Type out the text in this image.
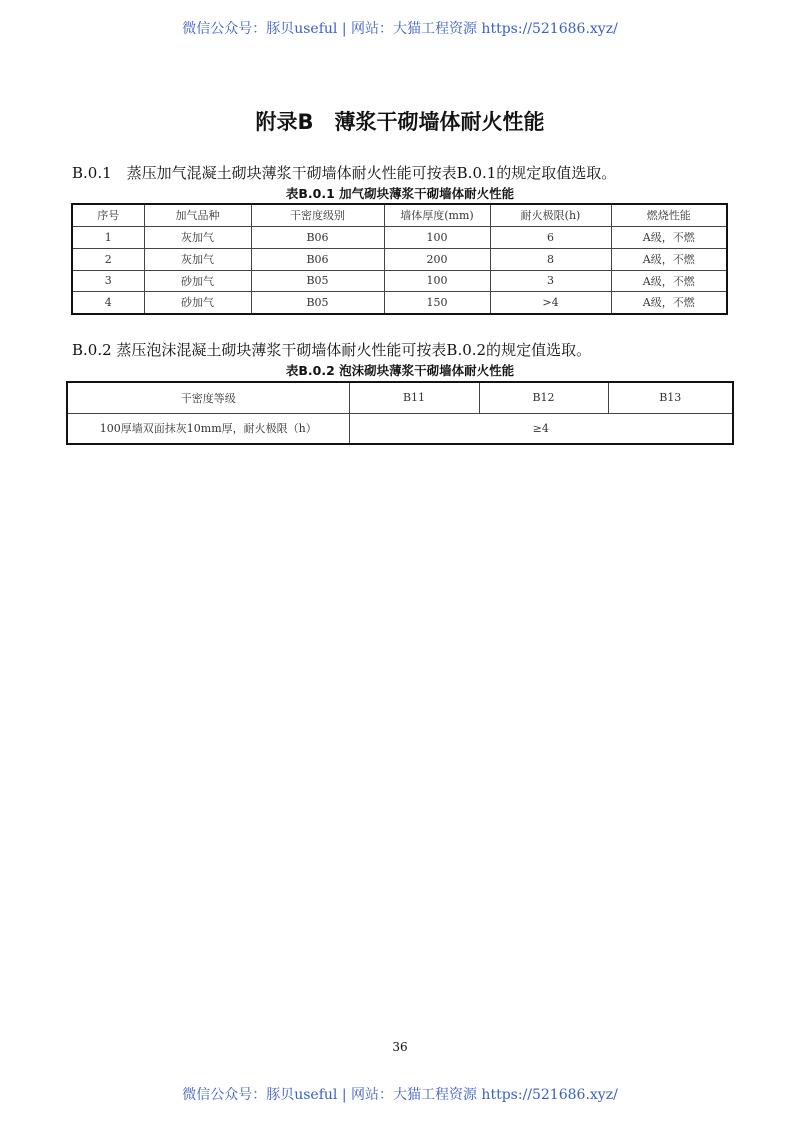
微信公众号：豚贝useful | 网站：大猫工程资源 https://521686.xyz/
附录B　薄浆干砌墙体耐火性能
B.0.1　蒸压加气混凝土砌块薄浆干砌墙体耐火性能可按表B.0.1的规定取值选取。
表B.0.1 加气砌块薄浆干砌墙体耐火性能
序号	加气品种	干密度级别	墙体厚度(mm)	耐火极限(h)	燃烧性能
1	灰加气	B06	100	6	A级，不燃
2	灰加气	B06	200	8	A级，不燃
3	砂加气	B05	100	3	A级，不燃
4	砂加气	B05	150	>4	A级，不燃
B.0.2 蒸压泡沫混凝土砌块薄浆干砌墙体耐火性能可按表B.0.2的规定值选取。
表B.0.2 泡沫砌块薄浆干砌墙体耐火性能
干密度等级	B11	B12	B13
100厚墙双面抹灰10mm厚，耐火极限（h）	≥4		
36
微信公众号：豚贝useful | 网站：大猫工程资源 https://521686.xyz/
